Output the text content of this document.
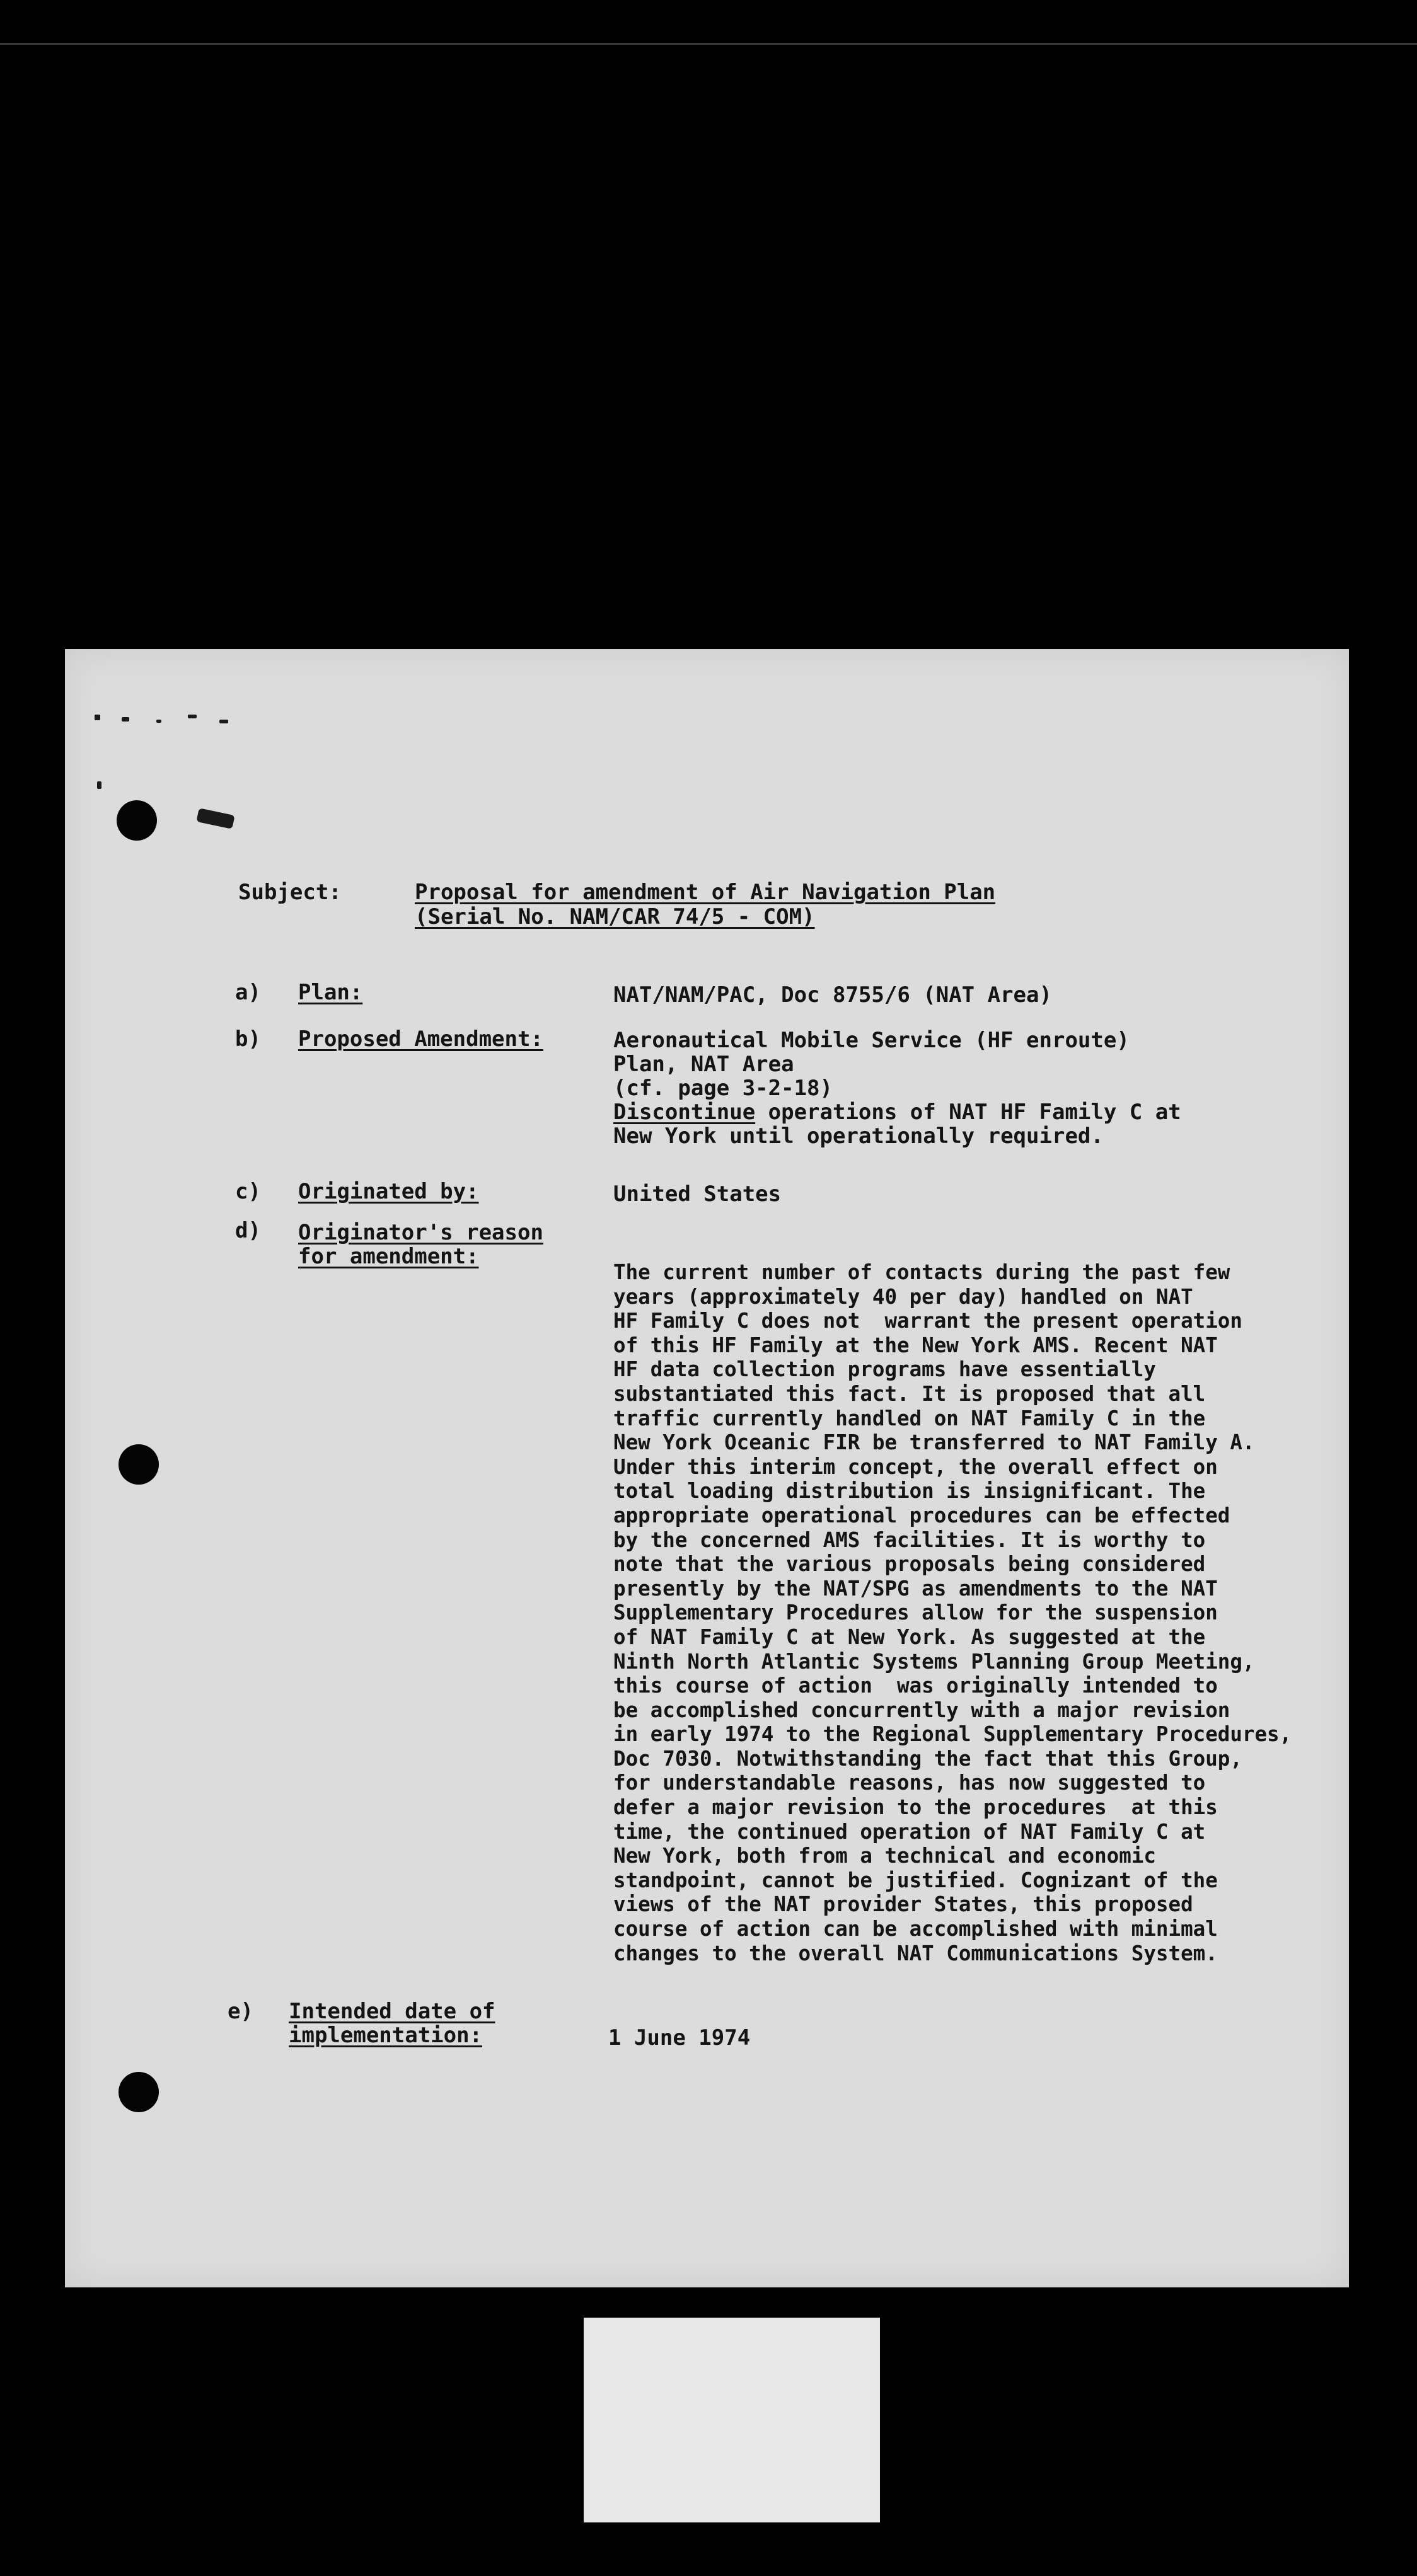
Subject:	Proposal for amendment of Air Navigation Plan
(Serial No. NAM/CAR 74/5 - COM)
a) Plan:	NAT/NAM/PAC, Doc 8755/6 (NAT Area)
b) Proposed Amendment:	Aeronautical Mobile Service (HF enroute)
Plan, NAT Area
(cf. page 3-2-18)
Discontinue operations of NAT HF Family C at
New York until operationally required.
c) Originated by:	United States
d) Originator's reason
for amendment:
The current number of contacts during the past few
years (approximately 40 per day) handled on NAT
HF Family C does not  warrant the present operation
of this HF Family at the New York AMS. Recent NAT
HF data collection programs have essentially
substantiated this fact. It is proposed that all
traffic currently handled on NAT Family C in the
New York Oceanic FIR be transferred to NAT Family A.
Under this interim concept, the overall effect on
total loading distribution is insignificant. The
appropriate operational procedures can be effected
by the concerned AMS facilities. It is worthy to
note that the various proposals being considered
presently by the NAT/SPG as amendments to the NAT
Supplementary Procedures allow for the suspension
of NAT Family C at New York. As suggested at the
Ninth North Atlantic Systems Planning Group Meeting,
this course of action  was originally intended to
be accomplished concurrently with a major revision
in early 1974 to the Regional Supplementary Procedures,
Doc 7030. Notwithstanding the fact that this Group,
for understandable reasons, has now suggested to
defer a major revision to the procedures  at this
time, the continued operation of NAT Family C at
New York, both from a technical and economic
standpoint, cannot be justified. Cognizant of the
views of the NAT provider States, this proposed
course of action can be accomplished with minimal
changes to the overall NAT Communications System.
e) Intended date of
implementation:	1 June 1974
